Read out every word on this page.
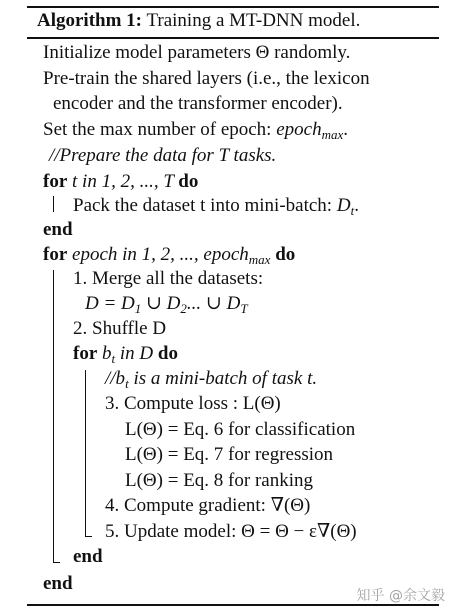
Algorithm 1: Training a MT-DNN model.
Initialize model parameters Θ randomly.
Pre-train the shared layers (i.e., the lexicon
encoder and the transformer encoder).
Set the max number of epoch: epoch$_{max}$.
//Prepare the data for T tasks.
for t in 1, 2, ..., T do
Pack the dataset t into mini-batch: $D_t$.
end
for epoch in 1, 2, ..., epoch$_{max}$ do
1. Merge all the datasets:
$D = D_1$ ∪ $D_2$... ∪ $D_T$
2. Shuffle D
for $b_t$ in D do
$//b_t$ is a mini-batch of task t.
3. Compute loss : L(Θ)
L(Θ) = Eq. 6 for classification
L(Θ) = Eq. 7 for regression
L(Θ) = Eq. 8 for ranking
4. Compute gradient: ∇(Θ)
5. Update model: Θ = Θ − ε∇(Θ)
end
end
知乎 @余文毅
